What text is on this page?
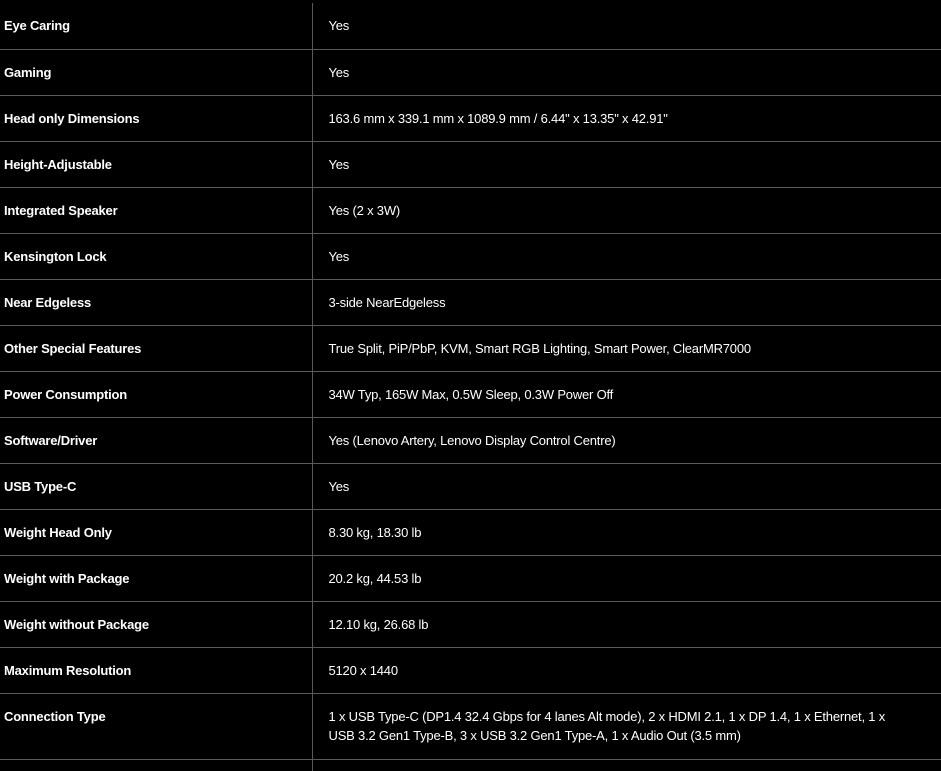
Eye Caring	Yes
Gaming	Yes
Head only Dimensions	163.6 mm x 339.1 mm x 1089.9 mm / 6.44" x 13.35" x 42.91"
Height-Adjustable	Yes
Integrated Speaker	Yes (2 x 3W)
Kensington Lock	Yes
Near Edgeless	3-side NearEdgeless
Other Special Features	True Split, PiP/PbP, KVM, Smart RGB Lighting, Smart Power, ClearMR7000
Power Consumption	34W Typ, 165W Max, 0.5W Sleep, 0.3W Power Off
Software/Driver	Yes (Lenovo Artery, Lenovo Display Control Centre)
USB Type-C	Yes
Weight Head Only	8.30 kg, 18.30 lb
Weight with Package	20.2 kg, 44.53 lb
Weight without Package	12.10 kg, 26.68 lb
Maximum Resolution	5120 x 1440
Connection Type	1 x USB Type-C (DP1.4 32.4 Gbps for 4 lanes Alt mode), 2 x HDMI 2.1, 1 x DP 1.4, 1 x Ethernet, 1 x USB 3.2 Gen1 Type-B, 3 x USB 3.2 Gen1 Type-A, 1 x Audio Out (3.5 mm)
